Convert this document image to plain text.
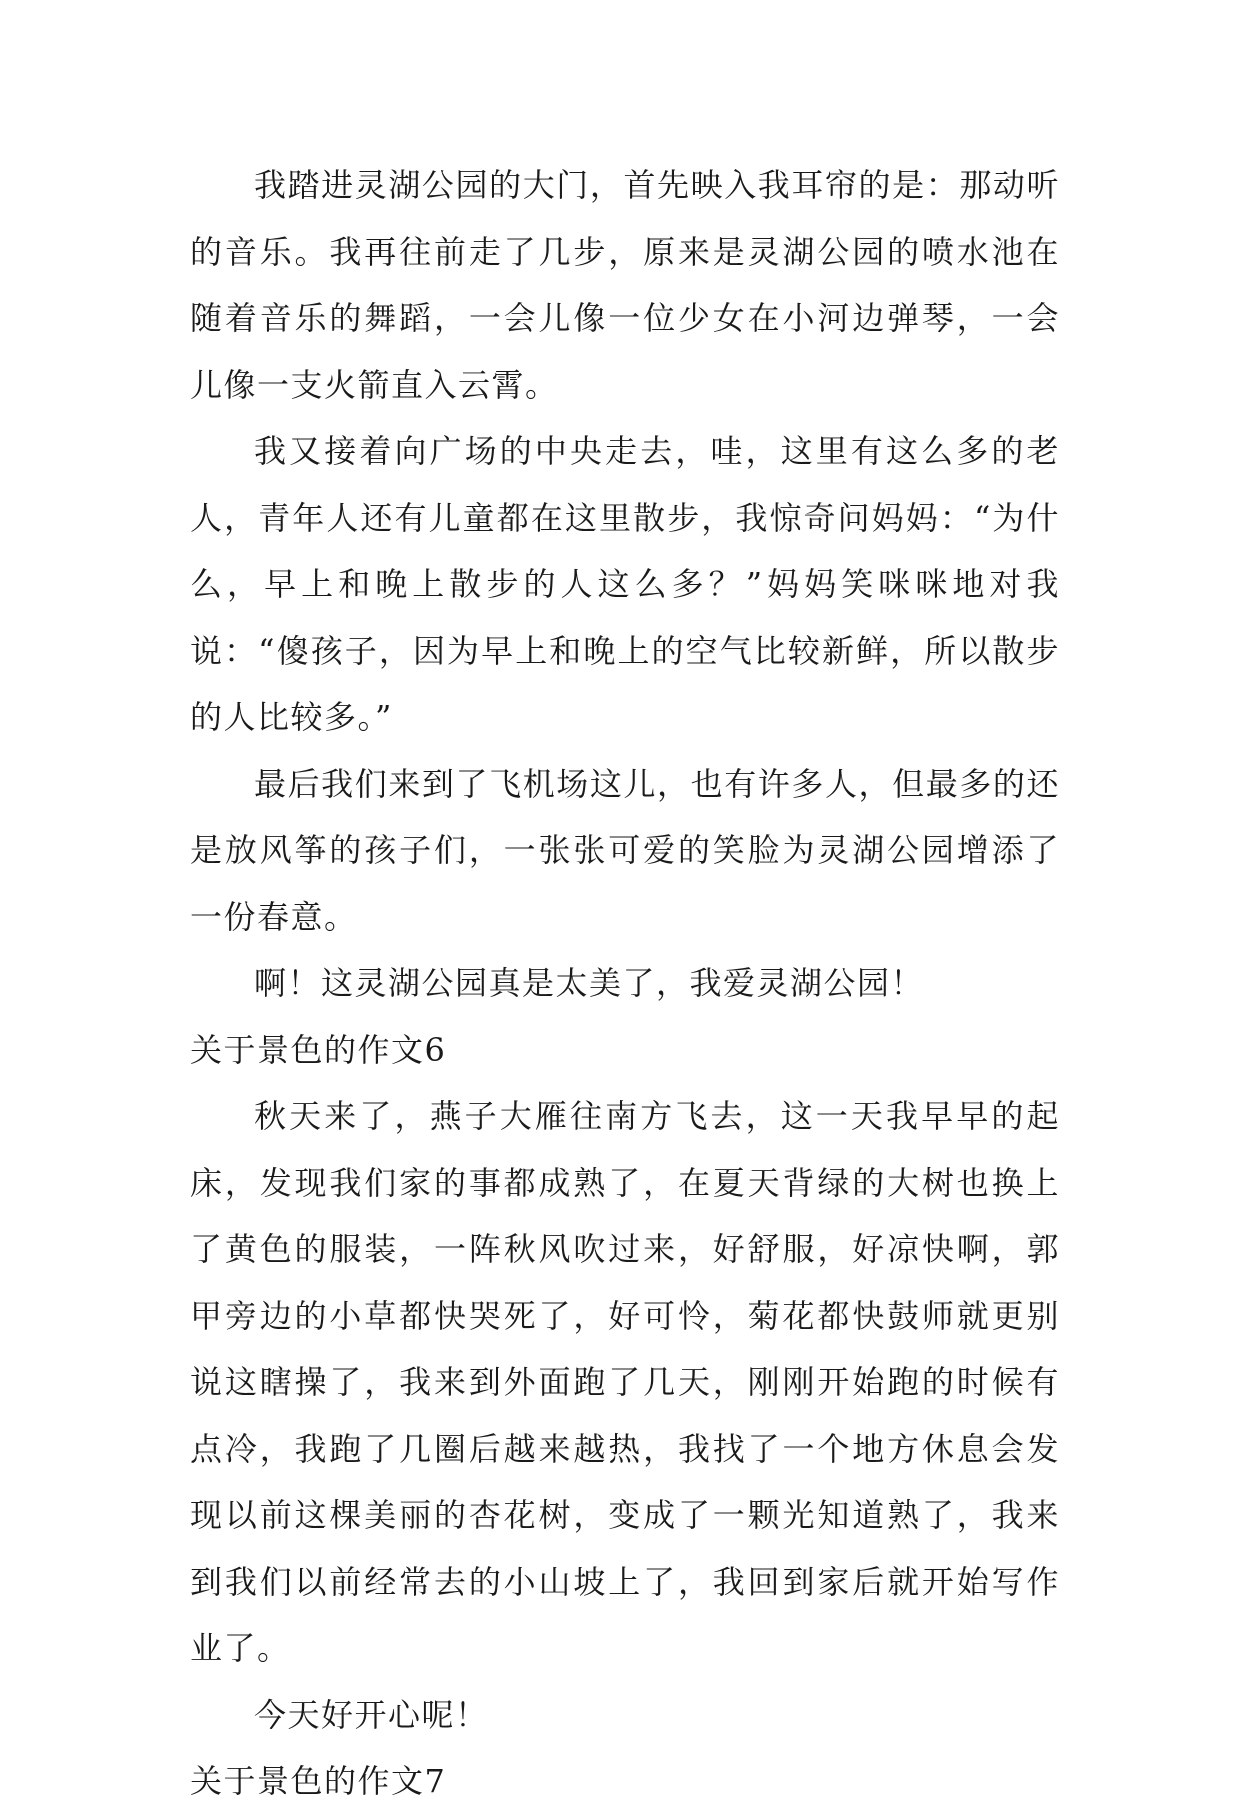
我踏进灵湖公园的大门，首先映入我耳帘的是：那动听的音乐。我再往前走了几步，原来是灵湖公园的喷水池在随着音乐的舞蹈，一会儿像一位少女在小河边弹琴，一会儿像一支火箭直入云霄。

我又接着向广场的中央走去，哇，这里有这么多的老人，青年人还有儿童都在这里散步，我惊奇问妈妈：“为什么，早上和晚上散步的人这么多？”妈妈笑咪咪地对我说：“傻孩子，因为早上和晚上的空气比较新鲜，所以散步的人比较多。”

最后我们来到了飞机场这儿，也有许多人，但最多的还是放风筝的孩子们，一张张可爱的笑脸为灵湖公园增添了一份春意。

啊！这灵湖公园真是太美了，我爱灵湖公园！

关于景色的作文6

秋天来了，燕子大雁往南方飞去，这一天我早早的起床，发现我们家的事都成熟了，在夏天背绿的大树也换上了黄色的服装，一阵秋风吹过来，好舒服，好凉快啊，郭甲旁边的小草都快哭死了，好可怜，菊花都快鼓师就更别说这瞎操了，我来到外面跑了几天，刚刚开始跑的时候有点冷，我跑了几圈后越来越热，我找了一个地方休息会发现以前这棵美丽的杏花树，变成了一颗光知道熟了，我来到我们以前经常去的小山坡上了，我回到家后就开始写作业了。

今天好开心呢！

关于景色的作文7
